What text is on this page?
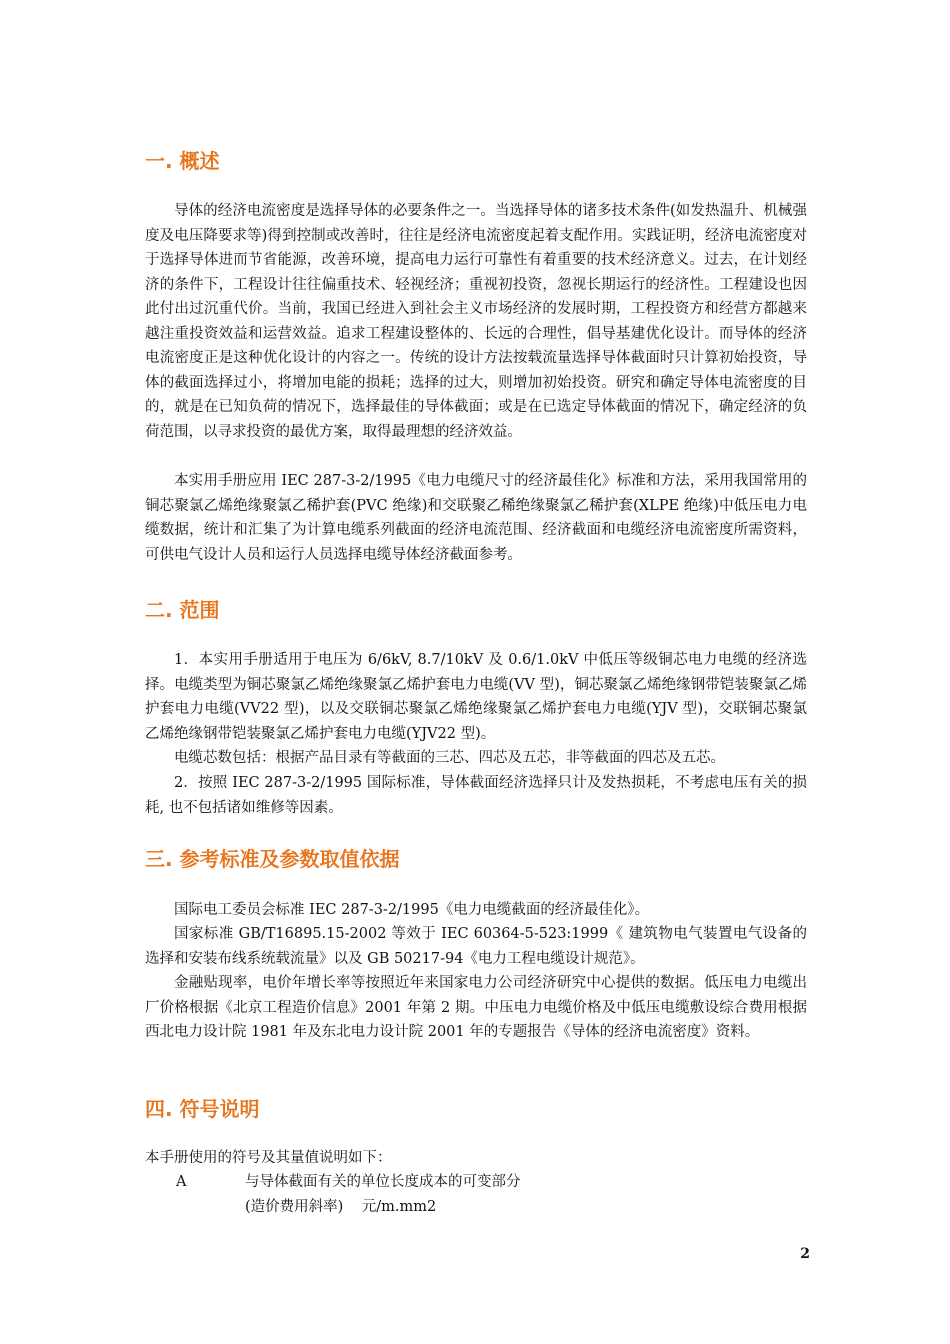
一. 概述

导体的经济电流密度是选择导体的必要条件之一。当选择导体的诸多技术条件(如发热温升、机械强度及电压降要求等)得到控制或改善时，往往是经济电流密度起着支配作用。实践证明，经济电流密度对于选择导体进而节省能源，改善环境，提高电力运行可靠性有着重要的技术经济意义。过去，在计划经济的条件下，工程设计往往偏重技术、轻视经济；重视初投资，忽视长期运行的经济性。工程建设也因此付出过沉重代价。当前，我国已经进入到社会主义市场经济的发展时期，工程投资方和经营方都越来越注重投资效益和运营效益。追求工程建设整体的、长远的合理性，倡导基建优化设计。而导体的经济电流密度正是这种优化设计的内容之一。传统的设计方法按载流量选择导体截面时只计算初始投资，导体的截面选择过小，将增加电能的损耗；选择的过大，则增加初始投资。研究和确定导体电流密度的目的，就是在已知负荷的情况下，选择最佳的导体截面；或是在已选定导体截面的情况下，确定经济的负荷范围，以寻求投资的最优方案，取得最理想的经济效益。

本实用手册应用 IEC 287-3-2/1995《电力电缆尺寸的经济最佳化》标准和方法，采用我国常用的铜芯聚氯乙烯绝缘聚氯乙稀护套(PVC 绝缘)和交联聚乙稀绝缘聚氯乙稀护套(XLPE 绝缘)中低压电力电缆数据，统计和汇集了为计算电缆系列截面的经济电流范围、经济截面和电缆经济电流密度所需资料，可供电气设计人员和运行人员选择电缆导体经济截面参考。

二. 范围

1．本实用手册适用于电压为 6/6kV, 8.7/10kV 及 0.6/1.0kV 中低压等级铜芯电力电缆的经济选择。电缆类型为铜芯聚氯乙烯绝缘聚氯乙烯护套电力电缆(VV 型)，铜芯聚氯乙烯绝缘钢带铠装聚氯乙烯护套电力电缆(VV22 型)，以及交联铜芯聚氯乙烯绝缘聚氯乙烯护套电力电缆(YJV 型)，交联铜芯聚氯乙烯绝缘钢带铠装聚氯乙烯护套电力电缆(YJV22 型)。

电缆芯数包括：根据产品目录有等截面的三芯、四芯及五芯，非等截面的四芯及五芯。

2．按照 IEC 287-3-2/1995 国际标准，导体截面经济选择只计及发热损耗，不考虑电压有关的损耗, 也不包括诸如维修等因素。

三. 参考标准及参数取值依据

国际电工委员会标准 IEC 287-3-2/1995《电力电缆截面的经济最佳化》。

国家标准 GB/T16895.15-2002 等效于 IEC 60364-5-523:1999《 建筑物电气装置电气设备的选择和安装布线系统载流量》以及 GB 50217-94《电力工程电缆设计规范》。

金融贴现率，电价年增长率等按照近年来国家电力公司经济研究中心提供的数据。低压电力电缆出厂价格根据《北京工程造价信息》2001 年第 2 期。中压电力电缆价格及中低压电缆敷设综合费用根据西北电力设计院 1981 年及东北电力设计院 2001 年的专题报告《导体的经济电流密度》资料。

四. 符号说明

本手册使用的符号及其量值说明如下：

A	与导体截面有关的单位长度成本的可变部分
(造价费用斜率)    元/m.mm2
2
